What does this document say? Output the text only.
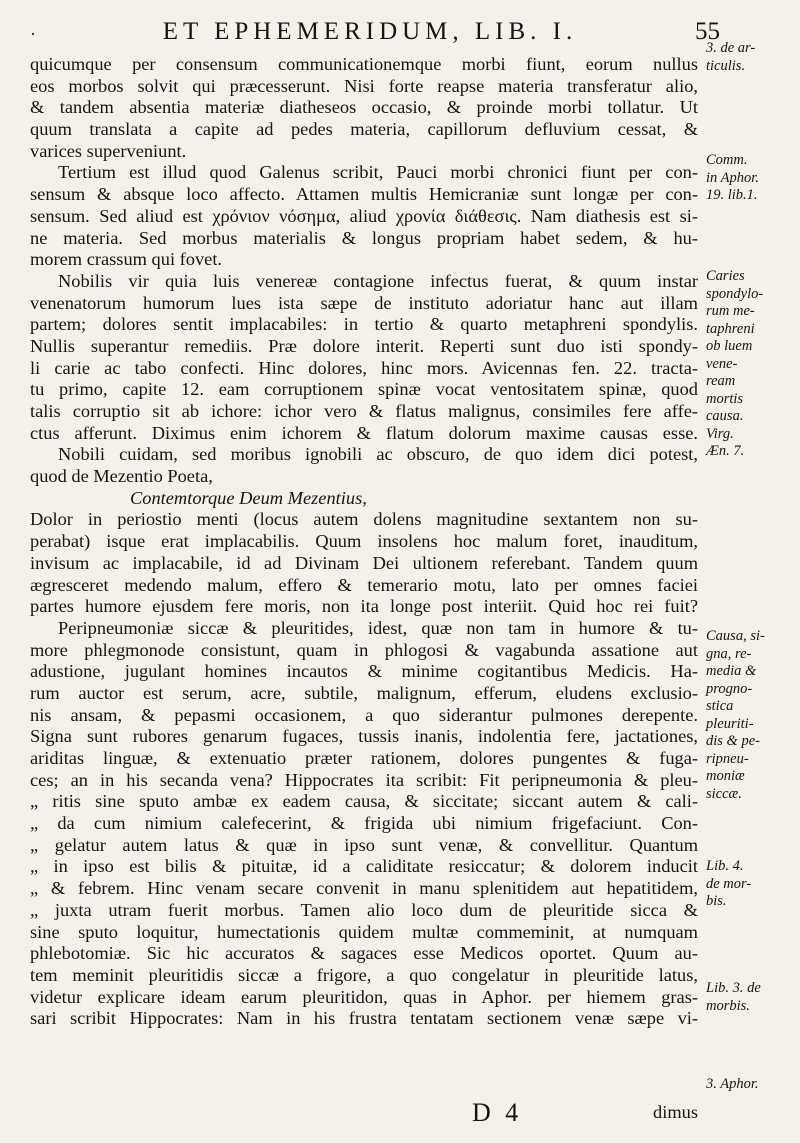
·	ET EPHEMERIDUM, LIB. I.	55
quicumque per consensum communicationemque morbi fiunt, eorum nullus
eos morbos solvit qui præcesserunt. Nisi forte reapse materia transferatur alio,
& tandem absentia materiæ diatheseos occasio, & proinde morbi tollatur. Ut
quum translata a capite ad pedes materia, capillorum defluvium cessat, &
varices superveniunt.
Tertium est illud quod Galenus scribit, Pauci morbi chronici fiunt per con-
sensum & absque loco affecto. Attamen multis Hemicraniæ sunt longæ per con-
sensum. Sed aliud est χρόνιον νόσημα, aliud χρονία διάθεσις. Nam diathesis est si-
ne materia. Sed morbus materialis & longus propriam habet sedem, & hu-
morem crassum qui fovet.
Nobilis vir quia luis venereæ contagione infectus fuerat, & quum instar
venenatorum humorum lues ista sæpe de instituto adoriatur hanc aut illam
partem; dolores sentit implacabiles: in tertio & quarto metaphreni spondylis.
Nullis superantur remediis. Præ dolore interit. Reperti sunt duo isti spondy-
li carie ac tabo confecti. Hinc dolores, hinc mors. Avicennas fen. 22. tracta-
tu primo, capite 12. eam corruptionem spinæ vocat ventositatem spinæ, quod
talis corruptio sit ab ichore: ichor vero & flatus malignus, consimiles fere affe-
ctus afferunt. Diximus enim ichorem & flatum dolorum maxime causas esse.
Nobili cuidam, sed moribus ignobili ac obscuro, de quo idem dici potest,
quod de Mezentio Poeta,
Contemtorque Deum Mezentius,
Dolor in periostio menti (locus autem dolens magnitudine sextantem non su-
perabat) isque erat implacabilis. Quum insolens hoc malum foret, inauditum,
invisum ac implacabile, id ad Divinam Dei ultionem referebant. Tandem quum
ægresceret medendo malum, effero & temerario motu, lato per omnes faciei
partes humore ejusdem fere moris, non ita longe post interiit. Quid hoc rei fuit?
Peripneumoniæ siccæ & pleuritides, idest, quæ non tam in humore & tu-
more phlegmonode consistunt, quam in phlogosi & vagabunda assatione aut
adustione, jugulant homines incautos & minime cogitantibus Medicis. Ha-
rum auctor est serum, acre, subtile, malignum, efferum, eludens exclusio-
nis ansam, & pepasmi occasionem, a quo siderantur pulmones derepente.
Signa sunt rubores genarum fugaces, tussis inanis, indolentia fere, jactationes,
ariditas linguæ, & extenuatio præter rationem, dolores pungentes & fuga-
ces; an in his secanda vena? Hippocrates ita scribit: Fit peripneumonia & pleu-
„ ritis sine sputo ambæ ex eadem causa, & siccitate; siccant autem & cali-
„ da cum nimium calefecerint, & frigida ubi nimium frigefaciunt. Con-
„ gelatur autem latus & quæ in ipso sunt venæ, & convellitur. Quantum
„ in ipso est bilis & pituitæ, id a caliditate resiccatur; & dolorem inducit
„ & febrem. Hinc venam secare convenit in manu splenitidem aut hepatitidem,
„ juxta utram fuerit morbus. Tamen alio loco dum de pleuritide sicca &
sine sputo loquitur, humectationis quidem multæ commeminit, at numquam
phlebotomiæ. Sic hic accuratos & sagaces esse Medicos oportet. Quum au-
tem meminit pleuritidis siccæ a frigore, a quo congelatur in pleuritide latus,
videtur explicare ideam earum pleuritidon, quas in Aphor. per hiemem gras-
sari scribit Hippocrates: Nam in his frustra tentatam sectionem venæ sæpe vi-
3. de ar-
ticulis.
Comm.
in Aphor.
19. lib.1.
Caries
spondylo-
rum me-
taphreni
ob luem
vene-
ream
mortis
causa.
Virg.
Æn. 7.
Causa, si-
gna, re-
media &
progno-
stica
pleuriti-
dis & pe-
ripneu-
moniæ
siccæ.
Lib. 4.
de mor-
bis.
Lib. 3. de
morbis.
3. Aphor.
D 4	dimus
